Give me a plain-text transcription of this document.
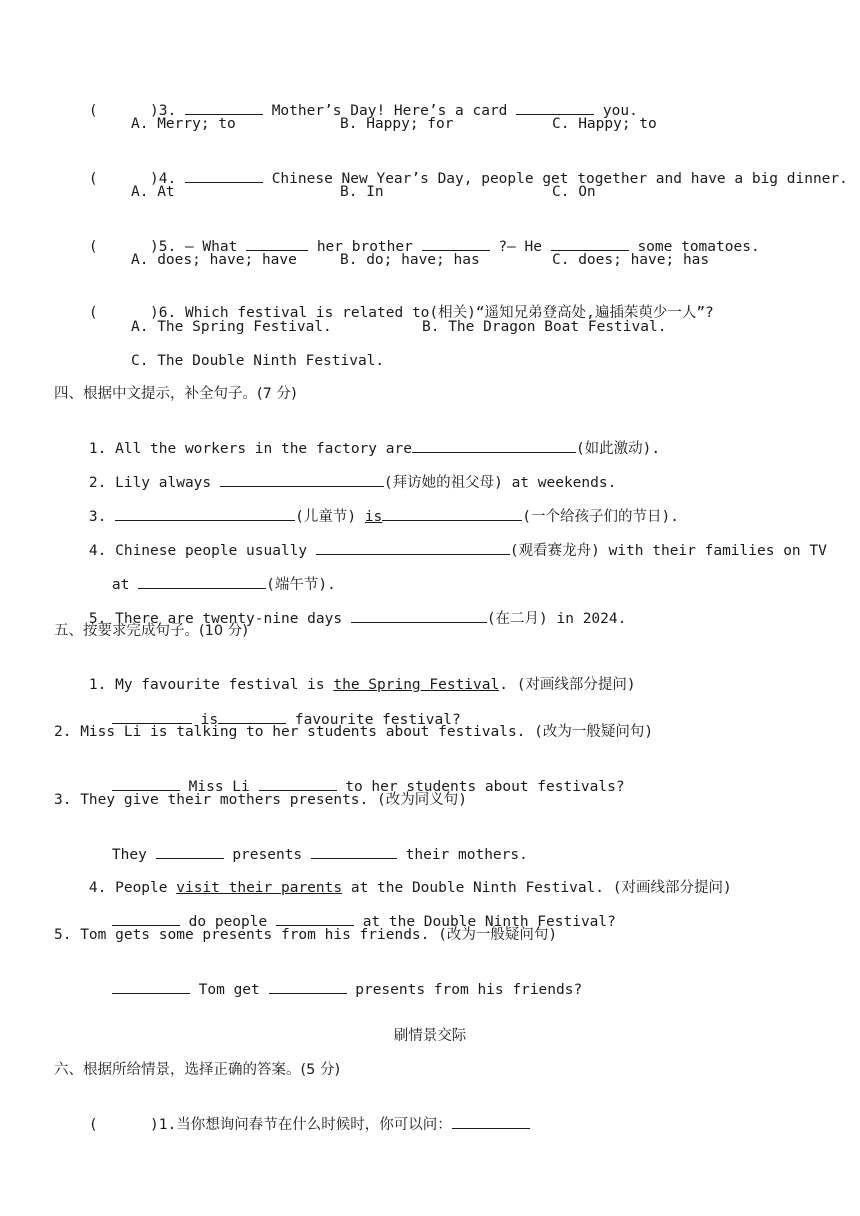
(      )3.	Mother’s Day! Here’s a card	you.

A. Merry; to	B. Happy; for	C. Happy; to

(      )4.	Chinese New Year’s Day, people get together and have a big dinner.

A. At	B. In	C. On

(      )5. — What	her brother	?— He	some tomatoes.

A. does; have; have	B. do; have; has	C. does; have; has

(      )6. Which festival is related to(相关)“遥知兄弟登高处,遍插茱萸少一人”?

A. The Spring Festival.	B. The Dragon Boat Festival.
C. The Double Ninth Festival.
四、根据中文提示，补全句子。(7 分)

1. All the workers in the factory are	(如此激动).

2. Lily always	(拜访她的祖父母) at weekends.

3.	(儿童节) is	(一个给孩子们的节日).

4. Chinese people usually	(观看赛龙舟) with their families on TV

at	(端午节).

5. There are twenty-nine days	(在二月) in 2024.

五、按要求完成句子。(10 分)

1. My favourite festival is the Spring Festival. (对画线部分提问)

is	favourite festival?

2. Miss Li is talking to her students about festivals. (改为一般疑问句)

Miss Li	to her students about festivals?

3. They give their mothers presents. (改为同义句)

They	presents	their mothers.

4. People visit their parents at the Double Ninth Festival. (对画线部分提问)

do people	at the Double Ninth Festival?

5. Tom gets some presents from his friends. (改为一般疑问句)

Tom get	presents from his friends?

刷情景交际
六、根据所给情景，选择正确的答案。(5 分)

(      )1.当你想询问春节在什么时候时，你可以问：
